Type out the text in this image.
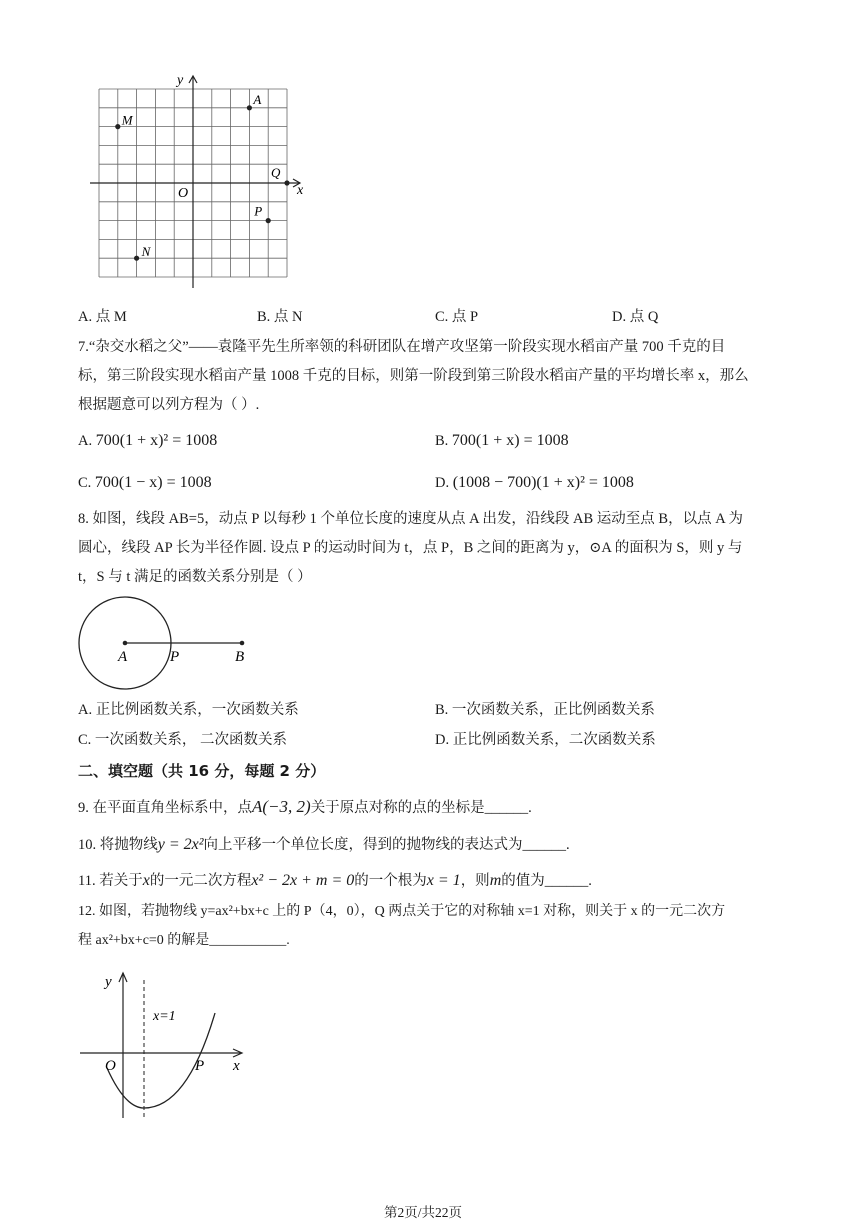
x
y
O
A
M
Q
P
N
A. 点 M	B. 点 N	C. 点 P	D. 点 Q
7.“杂交水稻之父”——袁隆平先生所率领的科研团队在增产攻坚第一阶段实现水稻亩产量 700 千克的目
标，第三阶段实现水稻亩产量 1008 千克的目标，则第一阶段到第三阶段水稻亩产量的平均增长率 x，那么
根据题意可以列方程为（ ）.
A. 700(1 + x)² = 1008	B. 700(1 + x) = 1008
C. 700(1 − x) = 1008	D. (1008 − 700)(1 + x)² = 1008
8. 如图，线段 AB=5，动点 P 以每秒 1 个单位长度的速度从点 A 出发，沿线段 AB 运动至点 B，以点 A 为
圆心，线段 AP 长为半径作圆. 设点 P 的运动时间为 t，点 P，B 之间的距离为 y，⊙A 的面积为 S，则 y 与
t，S 与 t 满足的函数关系分别是（ ）
A	P	B
A. 正比例函数关系，一次函数关系	B. 一次函数关系，正比例函数关系
C. 一次函数关系， 二次函数关系	D. 正比例函数关系，二次函数关系
二、填空题（共 16 分，每题 2 分）
9. 在平面直角坐标系中，点A(−3, 2)关于原点对称的点的坐标是______.
10. 将抛物线y = 2x²向上平移一个单位长度，得到的抛物线的表达式为______.
11. 若关于x的一元二次方程x² − 2x + m = 0的一个根为x = 1，则m的值为______.
12. 如图，若抛物线 y=ax²+bx+c 上的 P（4，0），Q 两点关于它的对称轴 x=1 对称，则关于 x 的一元二次方
程 ax²+bx+c=0 的解是___________.
y
x=1
O	P x
第2页/共22页
